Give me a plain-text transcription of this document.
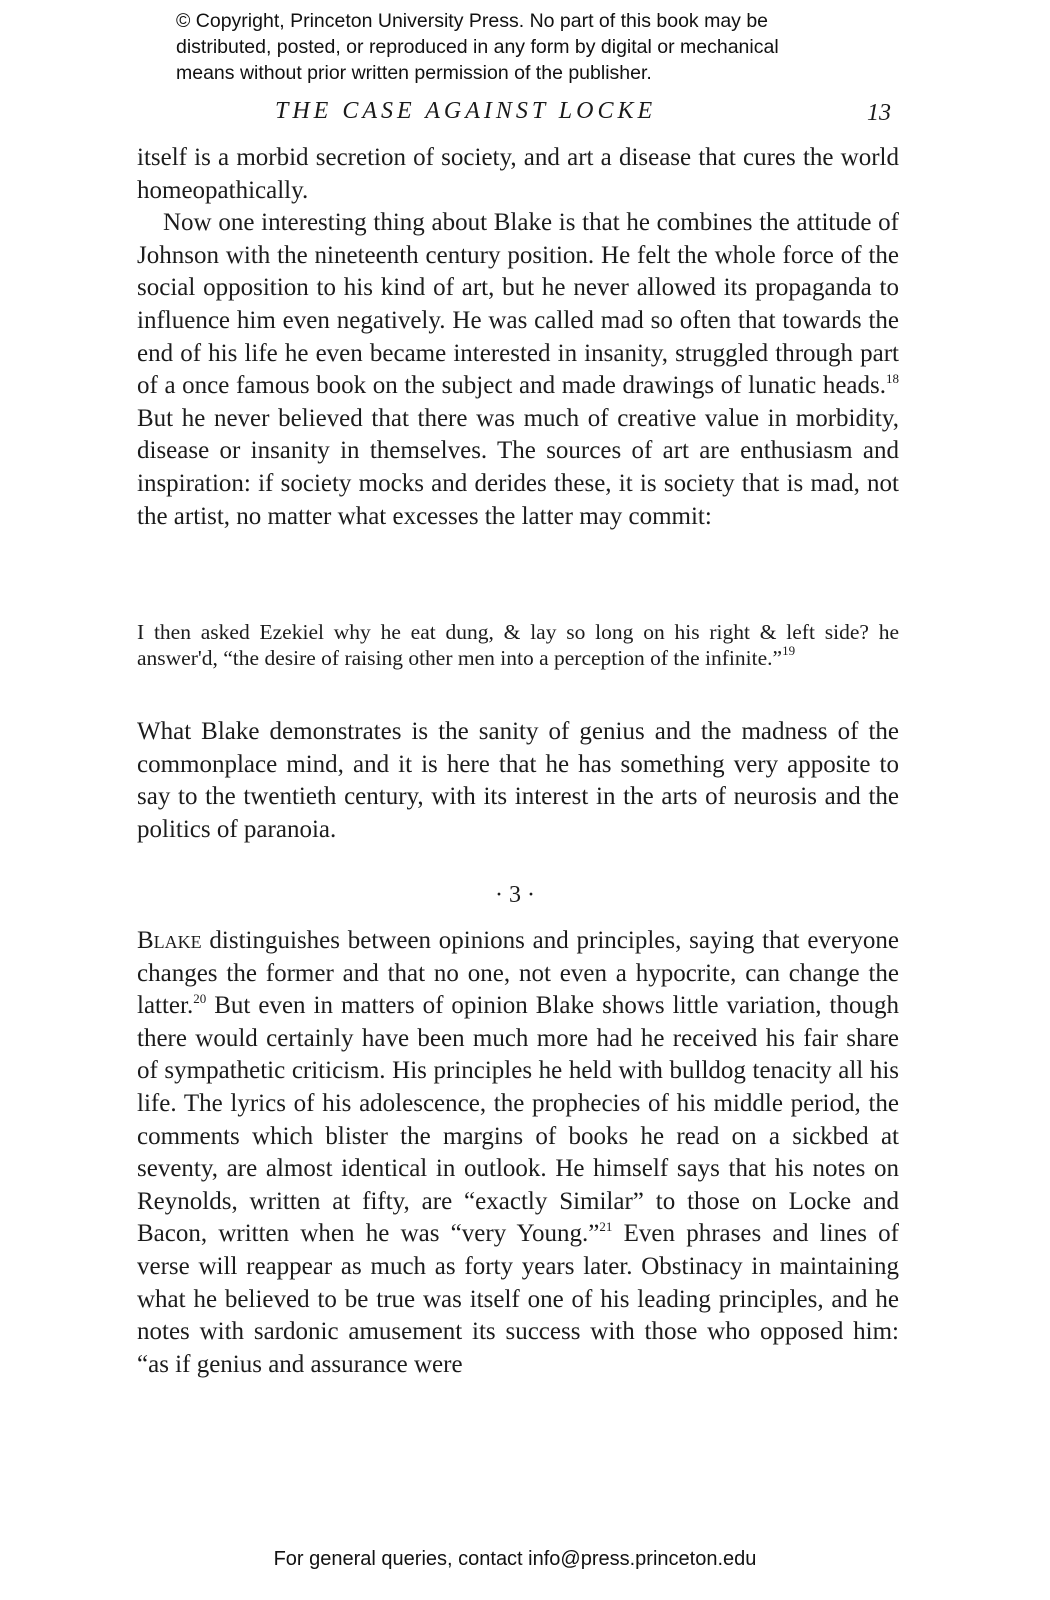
© Copyright, Princeton University Press. No part of this book may be
distributed, posted, or reproduced in any form by digital or mechanical
means without prior written permission of the publisher.
THE CASE AGAINST LOCKE	13

itself is a morbid secretion of society, and art a disease that cures the world homeopathically.

Now one interesting thing about Blake is that he combines the attitude of Johnson with the nineteenth century position. He felt the whole force of the social opposition to his kind of art, but he never allowed its propaganda to influence him even negatively. He was called mad so often that towards the end of his life he even became interested in insanity, struggled through part of a once famous book on the subject and made drawings of lunatic heads.$^{18}$ But he never believed that there was much of creative value in morbidity, disease or insanity in themselves. The sources of art are enthusiasm and inspiration: if society mocks and derides these, it is society that is mad, not the artist, no matter what excesses the latter may commit:

I then asked Ezekiel why he eat dung, & lay so long on his right & left side? he answer'd, “the desire of raising other men into a perception of the infinite.”$^{19}$

What Blake demonstrates is the sanity of genius and the madness of the commonplace mind, and it is here that he has something very apposite to say to the twentieth century, with its interest in the arts of neurosis and the politics of paranoia.

· 3 ·

Blake distinguishes between opinions and principles, saying that everyone changes the former and that no one, not even a hypocrite, can change the latter.$^{20}$ But even in matters of opinion Blake shows little variation, though there would certainly have been much more had he received his fair share of sympathetic criticism. His principles he held with bulldog tenacity all his life. The lyrics of his adolescence, the prophecies of his middle period, the comments which blister the margins of books he read on a sickbed at seventy, are almost identical in outlook. He himself says that his notes on Reynolds, written at fifty, are “exactly Similar” to those on Locke and Bacon, written when he was “very Young.”$^{21}$ Even phrases and lines of verse will reappear as much as forty years later. Obstinacy in maintaining what he believed to be true was itself one of his leading principles, and he notes with sardonic amusement its success with those who opposed him: “as if genius and assurance were

For general queries, contact info@press.princeton.edu
